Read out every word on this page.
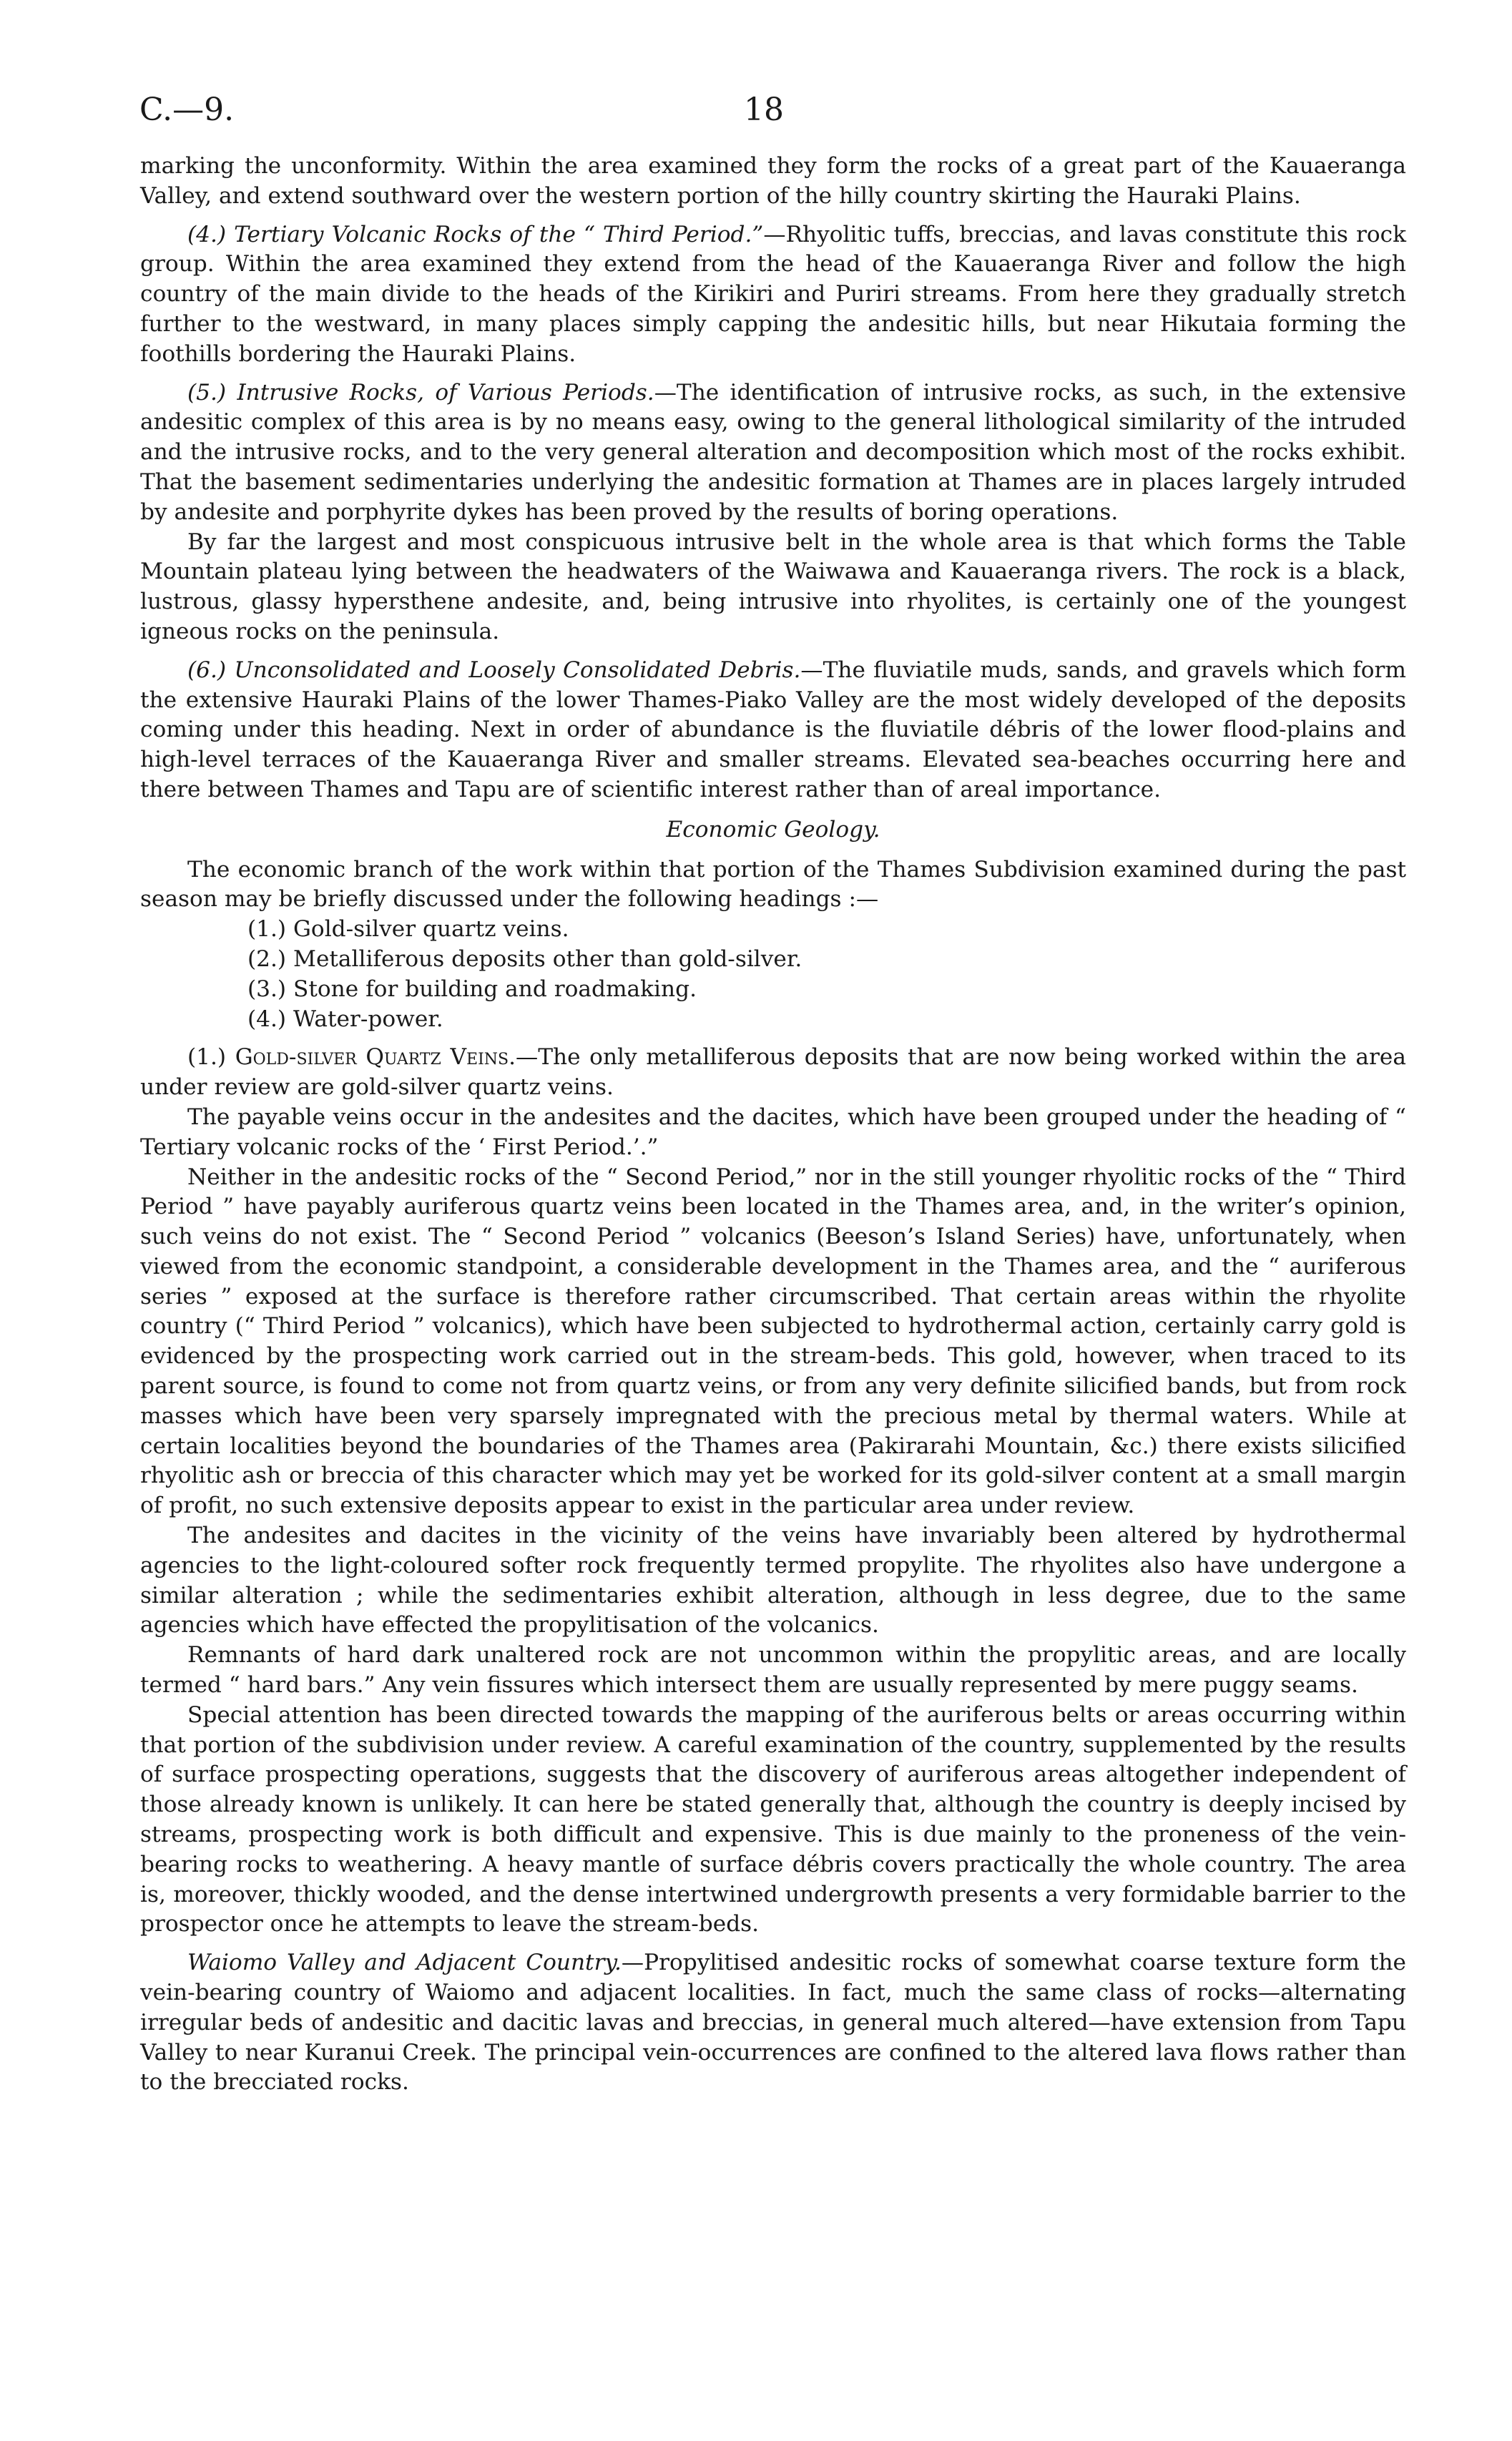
C.—9.	18

marking the unconformity. Within the area examined they form the rocks of a great part of the Kauaeranga Valley, and extend southward over the western portion of the hilly country skirting the Hauraki Plains.

(4.) Tertiary Volcanic Rocks of the “ Third Period.”—Rhyolitic tuffs, breccias, and lavas constitute this rock group. Within the area examined they extend from the head of the Kauaeranga River and follow the high country of the main divide to the heads of the Kirikiri and Puriri streams. From here they gradually stretch further to the westward, in many places simply capping the andesitic hills, but near Hikutaia forming the foothills bordering the Hauraki Plains.

(5.) Intrusive Rocks, of Various Periods.—The identification of intrusive rocks, as such, in the extensive andesitic complex of this area is by no means easy, owing to the general lithological similarity of the intruded and the intrusive rocks, and to the very general alteration and decomposition which most of the rocks exhibit. That the basement sedimentaries underlying the andesitic formation at Thames are in places largely intruded by andesite and porphyrite dykes has been proved by the results of boring operations.

By far the largest and most conspicuous intrusive belt in the whole area is that which forms the Table Mountain plateau lying between the headwaters of the Waiwawa and Kauaeranga rivers. The rock is a black, lustrous, glassy hypersthene andesite, and, being intrusive into rhyolites, is certainly one of the youngest igneous rocks on the peninsula.

(6.) Unconsolidated and Loosely Consolidated Debris.—The fluviatile muds, sands, and gravels which form the extensive Hauraki Plains of the lower Thames-Piako Valley are the most widely developed of the deposits coming under this heading. Next in order of abundance is the fluviatile débris of the lower flood-plains and high-level terraces of the Kauaeranga River and smaller streams. Elevated sea-beaches occurring here and there between Thames and Tapu are of scientific interest rather than of areal importance.

Economic Geology.

The economic branch of the work within that portion of the Thames Subdivision examined during the past season may be briefly discussed under the following headings :—

(1.) Gold-silver quartz veins.
(2.) Metalliferous deposits other than gold-silver.
(3.) Stone for building and roadmaking.
(4.) Water-power.

(1.) Gold-silver Quartz Veins.—The only metalliferous deposits that are now being worked within the area under review are gold-silver quartz veins.

The payable veins occur in the andesites and the dacites, which have been grouped under the heading of “ Tertiary volcanic rocks of the ‘ First Period.’.”

Neither in the andesitic rocks of the “ Second Period,” nor in the still younger rhyolitic rocks of the “ Third Period ” have payably auriferous quartz veins been located in the Thames area, and, in the writer’s opinion, such veins do not exist. The “ Second Period ” volcanics (Beeson’s Island Series) have, unfortunately, when viewed from the economic standpoint, a considerable development in the Thames area, and the “ auriferous series ” exposed at the surface is therefore rather circumscribed. That certain areas within the rhyolite country (“ Third Period ” volcanics), which have been subjected to hydrothermal action, certainly carry gold is evidenced by the prospecting work carried out in the stream-beds. This gold, however, when traced to its parent source, is found to come not from quartz veins, or from any very definite silicified bands, but from rock masses which have been very sparsely impregnated with the precious metal by thermal waters. While at certain localities beyond the boundaries of the Thames area (Pakirarahi Mountain, &c.) there exists silicified rhyolitic ash or breccia of this character which may yet be worked for its gold-silver content at a small margin of profit, no such extensive deposits appear to exist in the particular area under review.

The andesites and dacites in the vicinity of the veins have invariably been altered by hydrothermal agencies to the light-coloured softer rock frequently termed propylite. The rhyolites also have undergone a similar alteration ; while the sedimentaries exhibit alteration, although in less degree, due to the same agencies which have effected the propylitisation of the volcanics.

Remnants of hard dark unaltered rock are not uncommon within the propylitic areas, and are locally termed “ hard bars.” Any vein fissures which intersect them are usually represented by mere puggy seams.

Special attention has been directed towards the mapping of the auriferous belts or areas occurring within that portion of the subdivision under review. A careful examination of the country, supplemented by the results of surface prospecting operations, suggests that the discovery of auriferous areas altogether independent of those already known is unlikely. It can here be stated generally that, although the country is deeply incised by streams, prospecting work is both difficult and expensive. This is due mainly to the proneness of the vein-bearing rocks to weathering. A heavy mantle of surface débris covers practically the whole country. The area is, moreover, thickly wooded, and the dense intertwined undergrowth presents a very formidable barrier to the prospector once he attempts to leave the stream-beds.

Waiomo Valley and Adjacent Country.—Propylitised andesitic rocks of somewhat coarse texture form the vein-bearing country of Waiomo and adjacent localities. In fact, much the same class of rocks—alternating irregular beds of andesitic and dacitic lavas and breccias, in general much altered—have extension from Tapu Valley to near Kuranui Creek. The principal vein-occurrences are confined to the altered lava flows rather than to the brecciated rocks.
